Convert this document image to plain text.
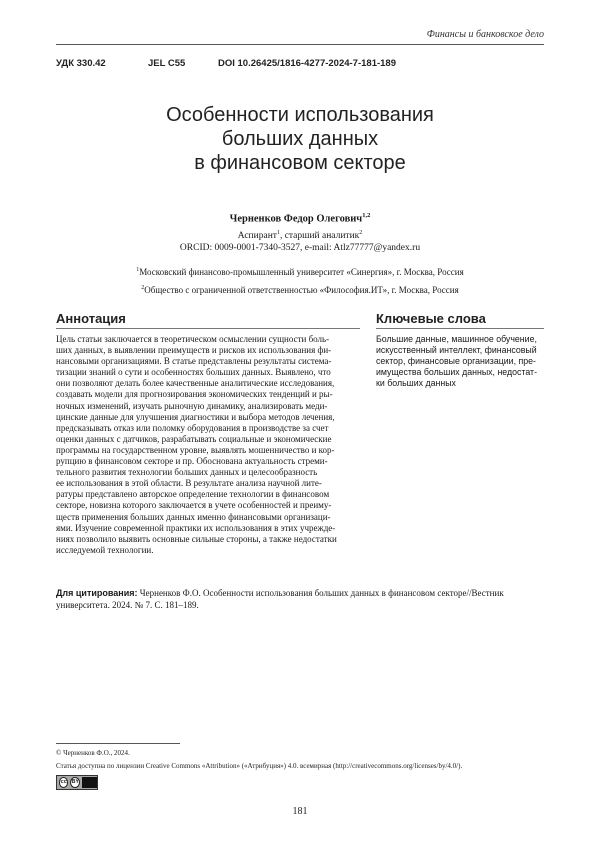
Финансы и банковское дело
УДК 330.42	JEL C55	DOI 10.26425/1816-4277-2024-7-181-189
Особенности использования
больших данных
в финансовом секторе
Черненков Федор Олегович$^{1,2}$
Аспирант$^1$, старший аналитик$^2$
ORCID: 0009-0001-7340-3527, e-mail: Atlz77777@yandex.ru
$^1$Московский финансово-промышленный университет «Синергия», г. Москва, Россия
$^2$Общество с ограниченной ответственностью «Философия.ИТ», г. Москва, Россия
Аннотация	Ключевые слова
Цель статьи заключается в теоретическом осмыслении сущности боль-
ших данных, в выявлении преимуществ и рисков их использования фи-
нансовыми организациями. В статье представлены результаты система-
тизации знаний о сути и особенностях больших данных. Выявлено, что
они позволяют делать более качественные аналитические исследования,
создавать модели для прогнозирования экономических тенденций и ры-
ночных изменений, изучать рыночную динамику, анализировать меди-
цинские данные для улучшения диагностики и выбора методов лечения,
предсказывать отказ или поломку оборудования в производстве за счет
оценки данных с датчиков, разрабатывать социальные и экономические
программы на государственном уровне, выявлять мошенничество и кор-
рупцию в финансовом секторе и пр. Обоснована актуальность стреми-
тельного развития технологии больших данных и целесообразность
ее использования в этой области. В результате анализа научной лите-
ратуры представлено авторское определение технологии в финансовом
секторе, новизна которого заключается в учете особенностей и преиму-
ществ применения больших данных именно финансовыми организаци-
ями. Изучение современной практики их использования в этих учрежде-
ниях позволило выявить основные сильные стороны, а также недостатки
исследуемой технологии.
Большие данные, машинное обучение,
искусственный интеллект, финансовый
сектор, финансовые организации, пре-
имущества больших данных, недостат-
ки больших данных
Для цитирования: Черненков Ф.О. Особенности использования больших данных в финансовом секторе//Вестник
университета. 2024. № 7. С. 181–189.
© Черненков Ф.О., 2024.
Статья доступна по лицензии Creative Commons «Attribution» («Атрибуция») 4.0. всемирная (http://creativecommons.org/licenses/by/4.0/).
cc BY
181
